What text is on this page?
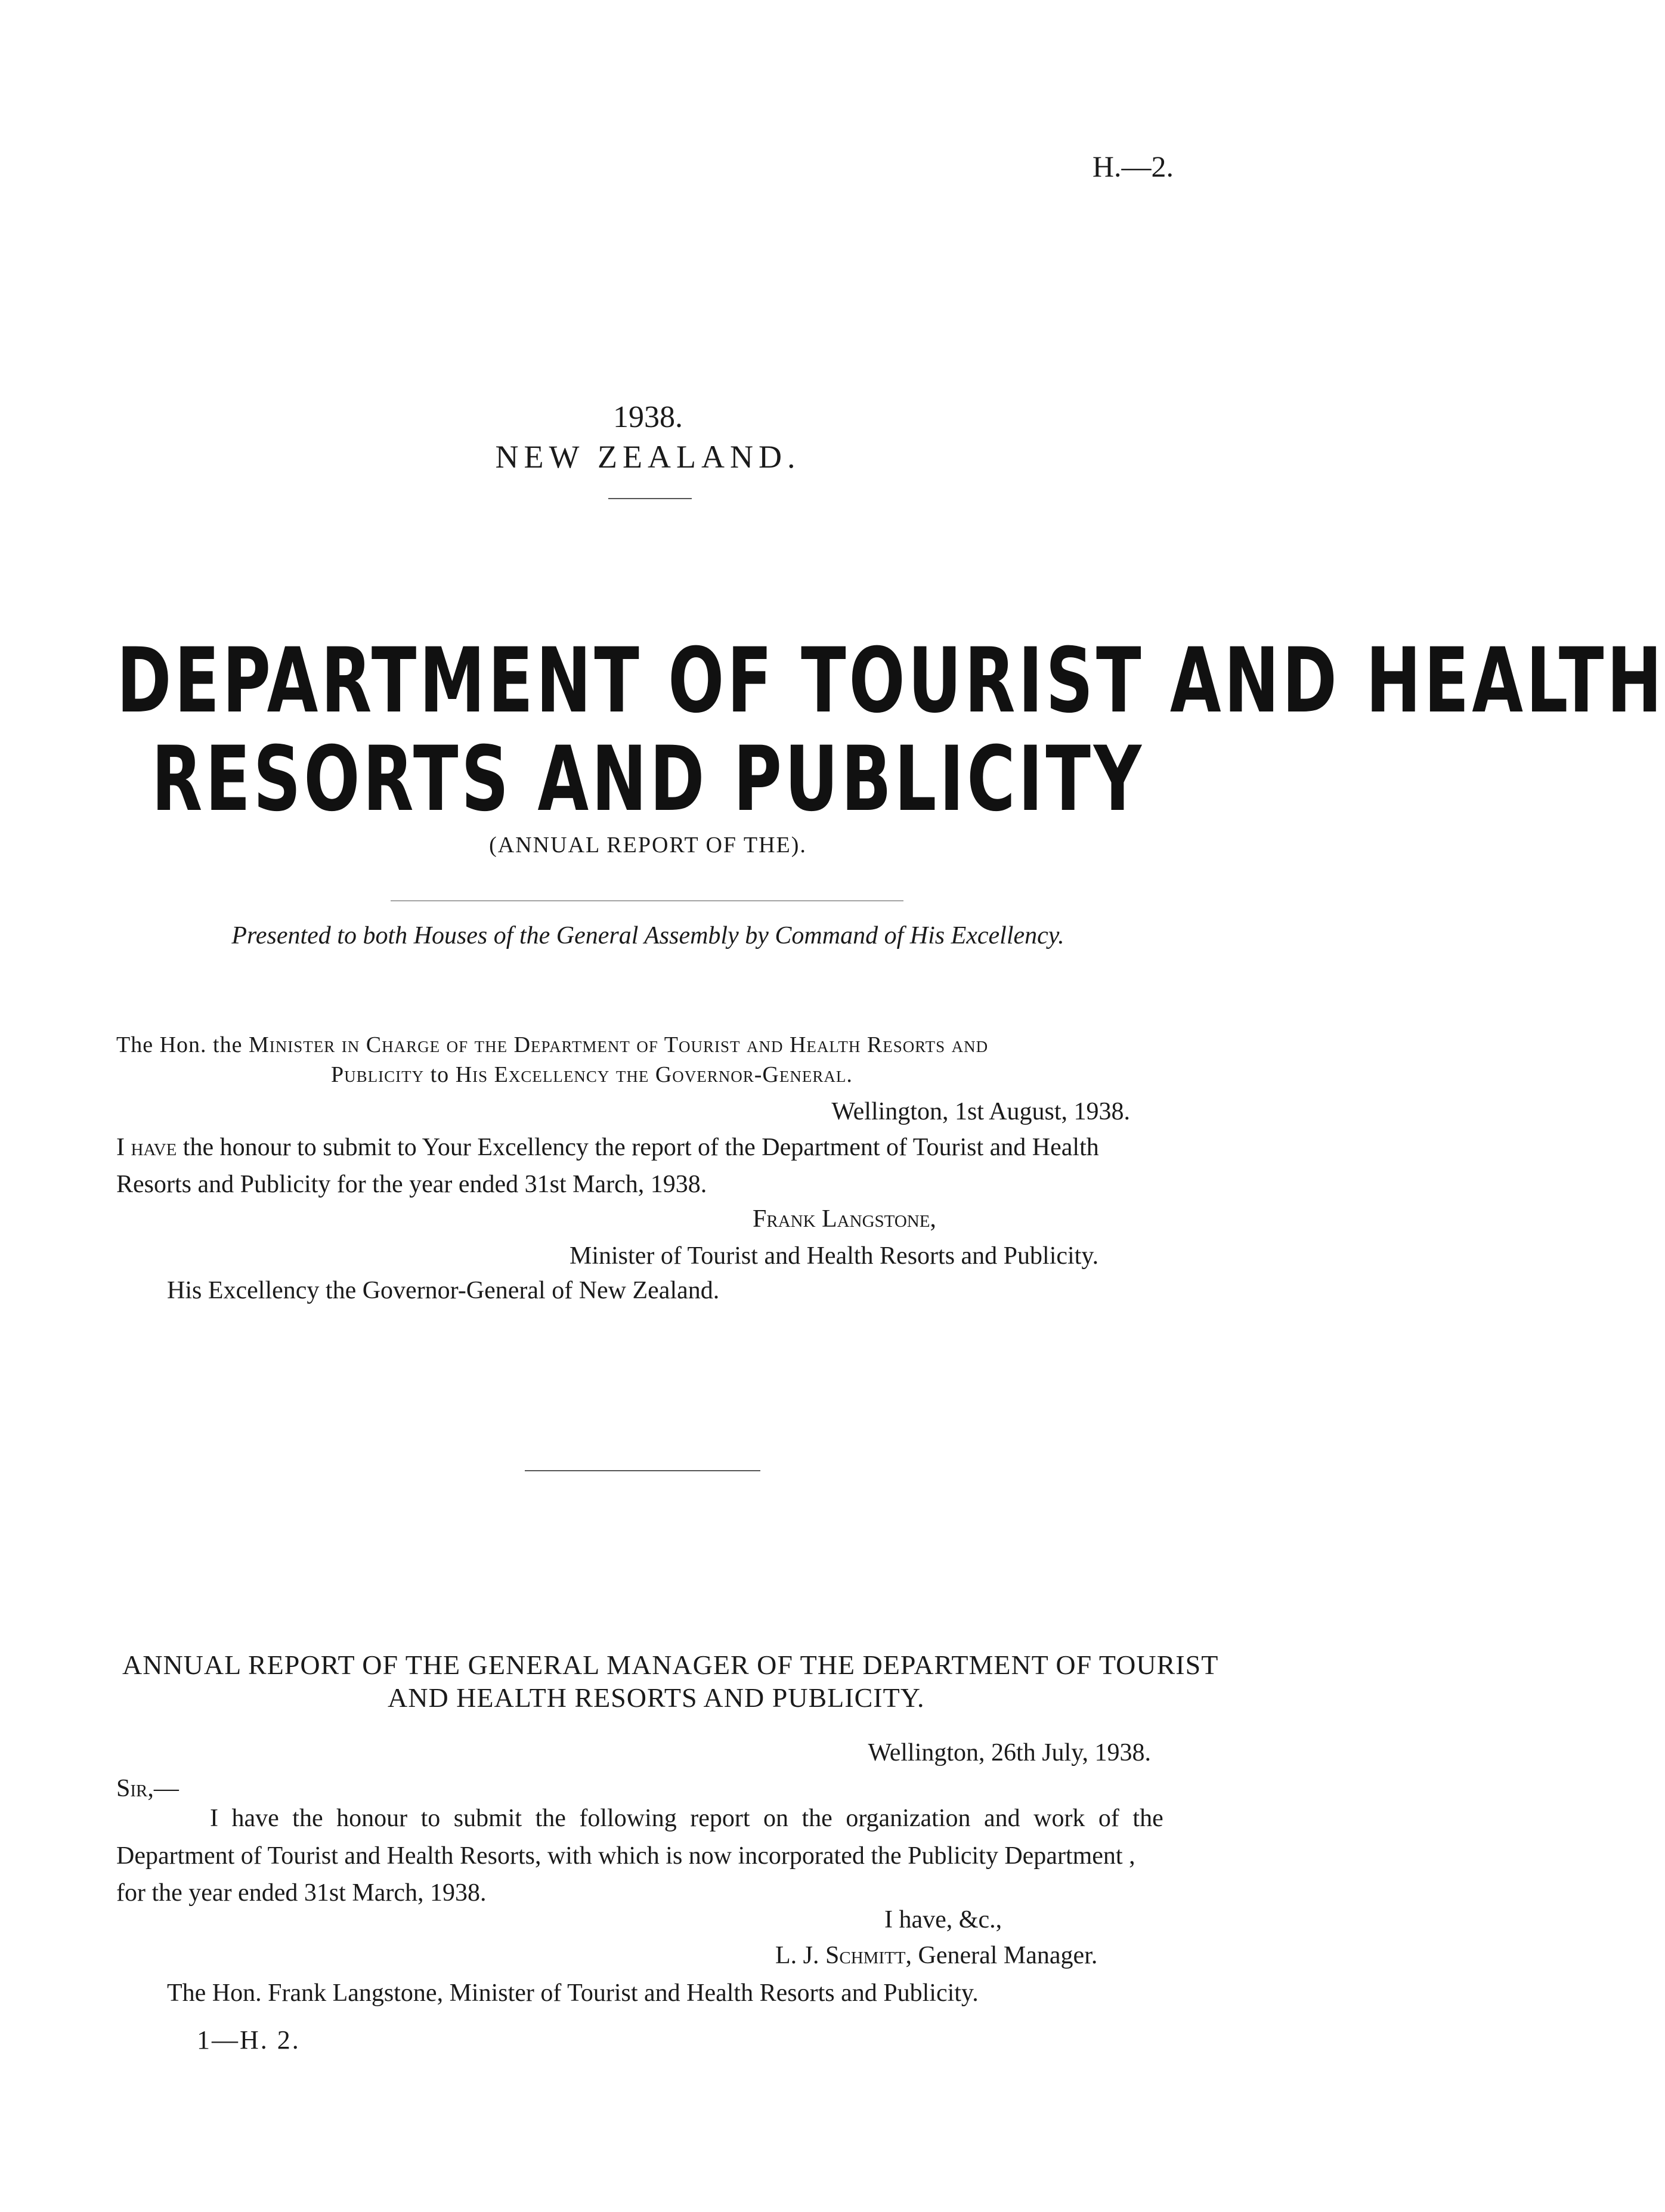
H.—2.
1938.
NEW ZEALAND.
DEPARTMENT OF TOURIST AND HEALTH
RESORTS AND PUBLICITY
(ANNUAL REPORT OF THE).
Presented to both Houses of the General Assembly by Command of His Excellency.
The Hon. the Minister in Charge of the Department of Tourist and Health Resorts and
Publicity to His Excellency the Governor-General.
Wellington, 1st August, 1938.
I have the honour to submit to Your Excellency the report of the Department of Tourist and Health
Resorts and Publicity for the year ended 31st March, 1938.
Frank Langstone,
Minister of Tourist and Health Resorts and Publicity.
His Excellency the Governor-General of New Zealand.
ANNUAL REPORT OF THE GENERAL MANAGER OF THE DEPARTMENT OF TOURIST
AND HEALTH RESORTS AND PUBLICITY.
Wellington, 26th July, 1938.
Sir,—
I have the honour to submit the following report on the organization and work of the
Department of Tourist and Health Resorts, with which is now incorporated the Publicity Department ,
for the year ended 31st March, 1938.
I have, &c.,
L. J. Schmitt, General Manager.
The Hon. Frank Langstone, Minister of Tourist and Health Resorts and Publicity.
1—H. 2.
